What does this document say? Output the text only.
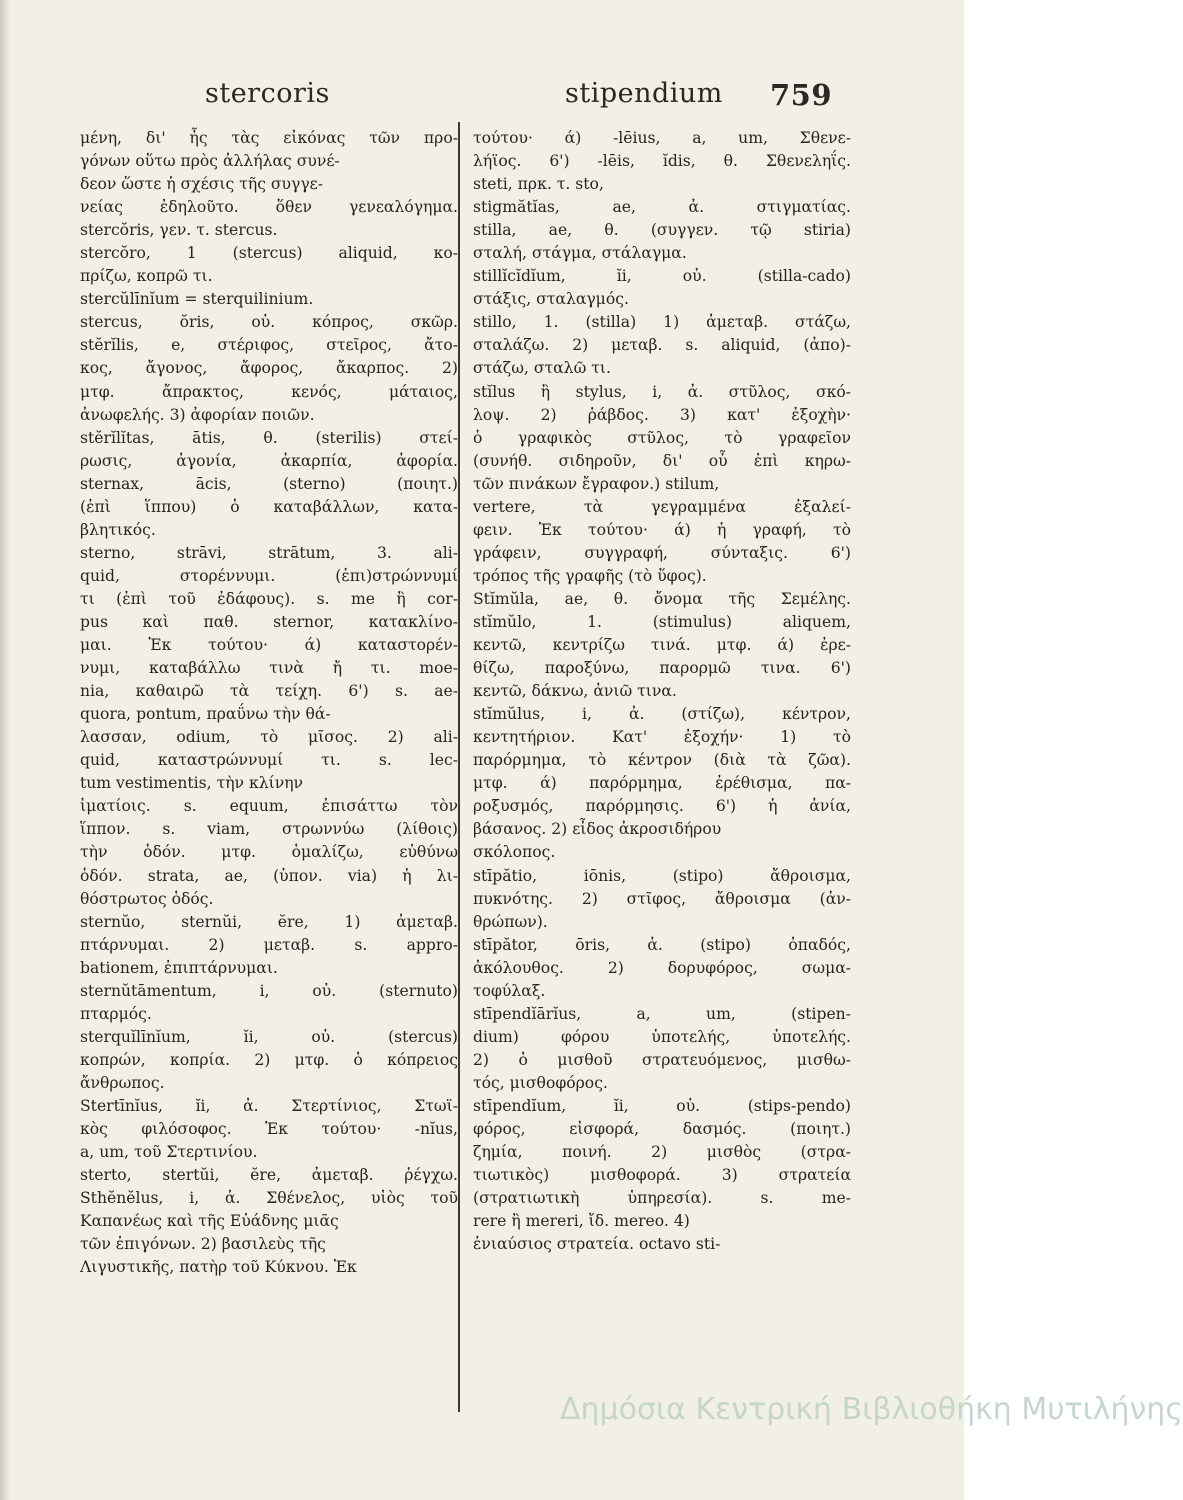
stercoris	stipendium 759
μένη, δι' ἧς τὰς εἰκόνας τῶν προ-
γόνων οὕτω πρὸς ἀλλήλας συνέ-
δεον ὥστε ἡ σχέσις τῆς συγγε-
νείας ἐδηλοῦτο. ὅθεν γενεαλόγημα.
stercŏris, γεν. τ. stercus.
stercŏro, 1 (stercus) aliquid, κο-
πρίζω, κοπρῶ τι.
stercŭlīnĭum = sterquilinium.
stercus, ŏris, οὐ. κόπρος, σκῶρ.
stĕrĭlis, e, στέριφος, στεῖρος, ἄτο-
κος, ἄγονος, ἄφορος, ἄκαρπος. 2)
μτφ. ἄπρακτος, κενός, μάταιος,
ἀνωφελής. 3) ἀφορίαν ποιῶν.
stĕrĭlĭtas, ātis, θ. (sterilis) στεί-
ρωσις, ἀγονία, ἀκαρπία, ἀφορία.
sternax, ācis, (sterno) (ποιητ.)
(ἐπὶ ἵππου) ὁ καταβάλλων, κατα-
βλητικός.
sterno, strāvi, strātum, 3. ali-
quid, στορέννυμι. (ἐπι)στρώννυμί
τι (ἐπὶ τοῦ ἐδάφους). s. me ἢ cor-
pus καὶ παθ. sternor, κατακλίνο-
μαι. Ἐκ τούτου· ά) καταστορέν-
νυμι, καταβάλλω τινὰ ἤ τι. moe-
nia, καθαιρῶ τὰ τείχη. 6') s. ae-
quora, pontum, πραΰνω τὴν θά-
λασσαν, odium, τὸ μῖσος. 2) ali-
quid, καταστρώννυμί τι. s. lec-
tum vestimentis, τὴν κλίνην
ἱματίοις. s. equum, ἐπισάττω τὸν
ἵππον. s. viam, στρωννύω (λίθοις)
τὴν ὁδόν. μτφ. ὁμαλίζω, εὐθύνω
ὁδόν. strata, ae, (ὑπον. via) ἡ λι-
θόστρωτος ὁδός.
sternŭo, sternŭi, ĕre, 1) ἀμεταβ.
πτάρνυμαι. 2) μεταβ. s. appro-
bationem, ἐπιπτάρνυμαι.
sternŭtāmentum, i, οὐ. (sternuto)
πταρμός.
sterquĭlīnĭum, ĭi, οὐ. (stercus)
κοπρών, κοπρία. 2) μτφ. ὁ κόπρειος
ἄνθρωπος.
Stertīnĭus, ĭi, ἀ. Στερτίνιος, Στωϊ-
κὸς φιλόσοφος. Ἐκ τούτου· -nĭus,
a, um, τοῦ Στερτινίου.
sterto, stertŭi, ĕre, ἀμεταβ. ῥέγχω.
Sthĕnĕlus, i, ἀ. Σθένελος, υἱὸς τοῦ
Καπανέως καὶ τῆς Εὐάδνης μιᾶς
τῶν ἐπιγόνων. 2) βασιλεὺς τῆς
Λιγυστικῆς, πατὴρ τοῦ Κύκνου. Ἐκ
τούτου· ά) -lēius, a, um, Σθενε-
λήϊος. 6') -lēis, ĭdis, θ. Σθενεληΐς.
steti, πρκ. τ. sto,
stigmătĭas, ae, ἀ. στιγματίας.
stilla, ae, θ. (συγγεν. τῷ stiria)
σταλή, στάγμα, στάλαγμα.
stillĭcĭdĭum, ĭi, οὐ. (stilla-cado)
στάξις, σταλαγμός.
stillo, 1. (stilla) 1) ἀμεταβ. στάζω,
σταλάζω. 2) μεταβ. s. aliquid, (ἀπο)-
στάζω, σταλῶ τι.
stĭlus ἢ stylus, i, ἀ. στῦλος, σκό-
λοψ. 2) ῥάβδος. 3) κατ' ἐξοχὴν·
ὁ γραφικὸς στῦλος, τὸ γραφεῖον
(συνήθ. σιδηροῦν, δι' οὗ ἐπὶ κηρω-
τῶν πινάκων ἔγραφον.) stilum,
vertere, τὰ γεγραμμένα ἐξαλεί-
φειν. Ἐκ τούτου· ά) ἡ γραφή, τὸ
γράφειν, συγγραφή, σύνταξις. 6')
τρόπος τῆς γραφῆς (τὸ ὕφος).
Stĭmŭla, ae, θ. ὄνομα τῆς Σεμέλης.
stĭmŭlo, 1. (stimulus) aliquem,
κεντῶ, κεντρίζω τινά. μτφ. ά) ἐρε-
θίζω, παροξύνω, παρορμῶ τινα. 6')
κεντῶ, δάκνω, ἀνιῶ τινα.
stĭmŭlus, i, ἀ. (στίζω), κέντρον,
κεντητήριον. Κατ' ἐξοχήν· 1) τὸ
παρόρμημα, τὸ κέντρον (διὰ τὰ ζῶα).
μτφ. ά) παρόρμημα, ἐρέθισμα, πα-
ροξυσμός, παρόρμησις. 6') ἡ ἀνία,
βάσανος. 2) εἶδος ἀκροσιδήρου
σκόλοπος.
stīpătio, iōnis, (stipo) ἄθροισμα,
πυκνότης. 2) στῖφος, ἄθροισμα (ἀν-
θρώπων).
stīpător, ōris, ἀ. (stipo) ὀπαδός,
ἀκόλουθος. 2) δορυφόρος, σωμα-
τοφύλαξ.
stīpendĭārĭus, a, um, (stipen-
dium) φόρου ὑποτελής, ὑποτελής.
2) ὁ μισθοῦ στρατευόμενος, μισθω-
τός, μισθοφόρος.
stīpendĭum, ĭi, οὐ. (stips-pendo)
φόρος, εἰσφορά, δασμός. (ποιητ.)
ζημία, ποινή. 2) μισθὸς (στρα-
τιωτικὸς) μισθοφορά. 3) στρατεία
(στρατιωτικὴ ὑπηρεσία). s. me-
rere ἢ mereri, ἴδ. mereo. 4)
ἐνιαύσιος στρατεία. octavo sti-
Δημόσια Κεντρική Βιβλιοθήκη Μυτιλήνης
